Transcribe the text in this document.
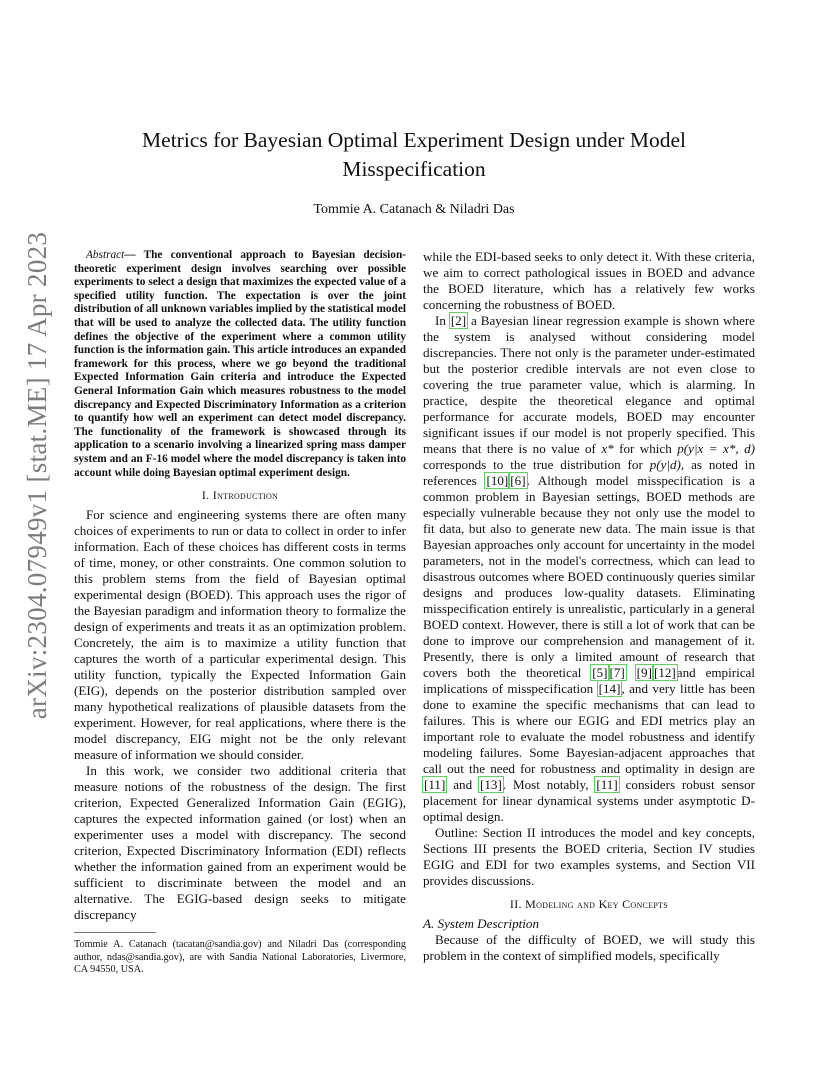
arXiv:2304.07949v1 [stat.ME] 17 Apr 2023
Metrics for Bayesian Optimal Experiment Design under Model Misspecification
Tommie A. Catanach & Niladri Das

Abstract— The conventional approach to Bayesian decision-theoretic experiment design involves searching over possible experiments to select a design that maximizes the expected value of a specified utility function. The expectation is over the joint distribution of all unknown variables implied by the statistical model that will be used to analyze the collected data. The utility function defines the objective of the experiment where a common utility function is the information gain. This article introduces an expanded framework for this process, where we go beyond the traditional Expected Information Gain criteria and introduce the Expected General Information Gain which measures robustness to the model discrepancy and Expected Discriminatory Information as a criterion to quantify how well an experiment can detect model discrepancy. The functionality of the framework is showcased through its application to a scenario involving a linearized spring mass damper system and an F-16 model where the model discrepancy is taken into account while doing Bayesian optimal experiment design.

I. Introduction

For science and engineering systems there are often many choices of experiments to run or data to collect in order to infer information. Each of these choices has different costs in terms of time, money, or other constraints. One common solution to this problem stems from the field of Bayesian optimal experimental design (BOED). This approach uses the rigor of the Bayesian paradigm and information theory to formalize the design of experiments and treats it as an optimization problem. Concretely, the aim is to maximize a utility function that captures the worth of a particular experimental design. This utility function, typically the Expected Information Gain (EIG), depends on the posterior distribution sampled over many hypothetical realizations of plausible datasets from the experiment. However, for real applications, where there is the model discrepancy, EIG might not be the only relevant measure of information we should consider.

In this work, we consider two additional criteria that measure notions of the robustness of the design. The first criterion, Expected Generalized Information Gain (EGIG), captures the expected information gained (or lost) when an experimenter uses a model with discrepancy. The second criterion, Expected Discriminatory Information (EDI) reflects whether the information gained from an experiment would be sufficient to discriminate between the model and an alternative. The EGIG-based design seeks to mitigate discrepancy

while the EDI-based seeks to only detect it. With these criteria, we aim to correct pathological issues in BOED and advance the BOED literature, which has a relatively few works concerning the robustness of BOED.

In [2] a Bayesian linear regression example is shown where the system is analysed without considering model discrepancies. There not only is the parameter under-estimated but the posterior credible intervals are not even close to covering the true parameter value, which is alarming. In practice, despite the theoretical elegance and optimal performance for accurate models, BOED may encounter significant issues if our model is not properly specified. This means that there is no value of x* for which p(y|x = x*, d) corresponds to the true distribution for p(y|d), as noted in references [10] [6]. Although model misspecification is a common problem in Bayesian settings, BOED methods are especially vulnerable because they not only use the model to fit data, but also to generate new data. The main issue is that Bayesian approaches only account for uncertainty in the model parameters, not in the model's correctness, which can lead to disastrous outcomes where BOED continuously queries similar designs and produces low-quality datasets. Eliminating misspecification entirely is unrealistic, particularly in a general BOED context. However, there is still a lot of work that can be done to improve our comprehension and management of it. Presently, there is only a limited amount of research that covers both the theoretical [5] [7] [9] [12]and empirical implications of misspecification [14], and very little has been done to examine the specific mechanisms that can lead to failures. This is where our EGIG and EDI metrics play an important role to evaluate the model robustness and identify modeling failures. Some Bayesian-adjacent approaches that call out the need for robustness and optimality in design are [11] and [13]. Most notably, [11] considers robust sensor placement for linear dynamical systems under asymptotic D-optimal design.

Outline: Section II introduces the model and key concepts, Sections III presents the BOED criteria, Section IV studies EGIG and EDI for two examples systems, and Section VII provides discussions.

II. Modeling and Key Concepts

A. System Description

Because of the difficulty of BOED, we will study this problem in the context of simplified models, specifically

Tommie A. Catanach (tacatan@sandia.gov) and Niladri Das (corresponding author, ndas@sandia.gov), are with Sandia National Laboratories, Livermore, CA 94550, USA.
